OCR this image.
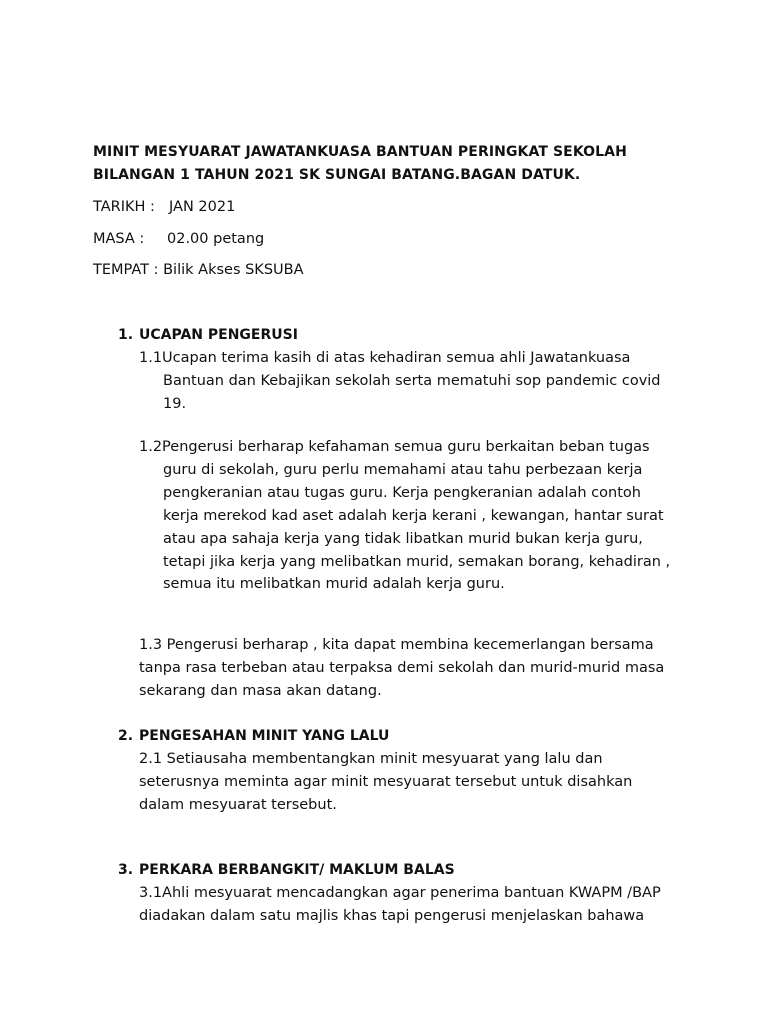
MINIT MESYUARAT JAWATANKUASA BANTUAN PERINGKAT SEKOLAH
BILANGAN 1 TAHUN 2021 SK SUNGAI BATANG.BAGAN DATUK.
TARIKH : JAN 2021
MASA : 02.00 petang
TEMPAT : Bilik Akses SKSUBA
1. UCAPAN PENGERUSI
1.1Ucapan terima kasih di atas kehadiran semua ahli Jawatankuasa
Bantuan dan Kebajikan sekolah serta mematuhi sop pandemic covid
19.
1.2Pengerusi berharap kefahaman semua guru berkaitan beban tugas
guru di sekolah, guru perlu memahami atau tahu perbezaan kerja
pengkeranian atau tugas guru. Kerja pengkeranian adalah contoh
kerja merekod kad aset adalah kerja kerani , kewangan, hantar surat
atau apa sahaja kerja yang tidak libatkan murid bukan kerja guru,
tetapi jika kerja yang melibatkan murid, semakan borang, kehadiran ,
semua itu melibatkan murid adalah kerja guru.
1.3 Pengerusi berharap , kita dapat membina kecemerlangan bersama
tanpa rasa terbeban atau terpaksa demi sekolah dan murid-murid masa
sekarang dan masa akan datang.
2. PENGESAHAN MINIT YANG LALU
2.1 Setiausaha membentangkan minit mesyuarat yang lalu dan
seterusnya meminta agar minit mesyuarat tersebut untuk disahkan
dalam mesyuarat tersebut.
3. PERKARA BERBANGKIT/ MAKLUM BALAS
3.1Ahli mesyuarat mencadangkan agar penerima bantuan KWAPM /BAP
diadakan dalam satu majlis khas tapi pengerusi menjelaskan bahawa
